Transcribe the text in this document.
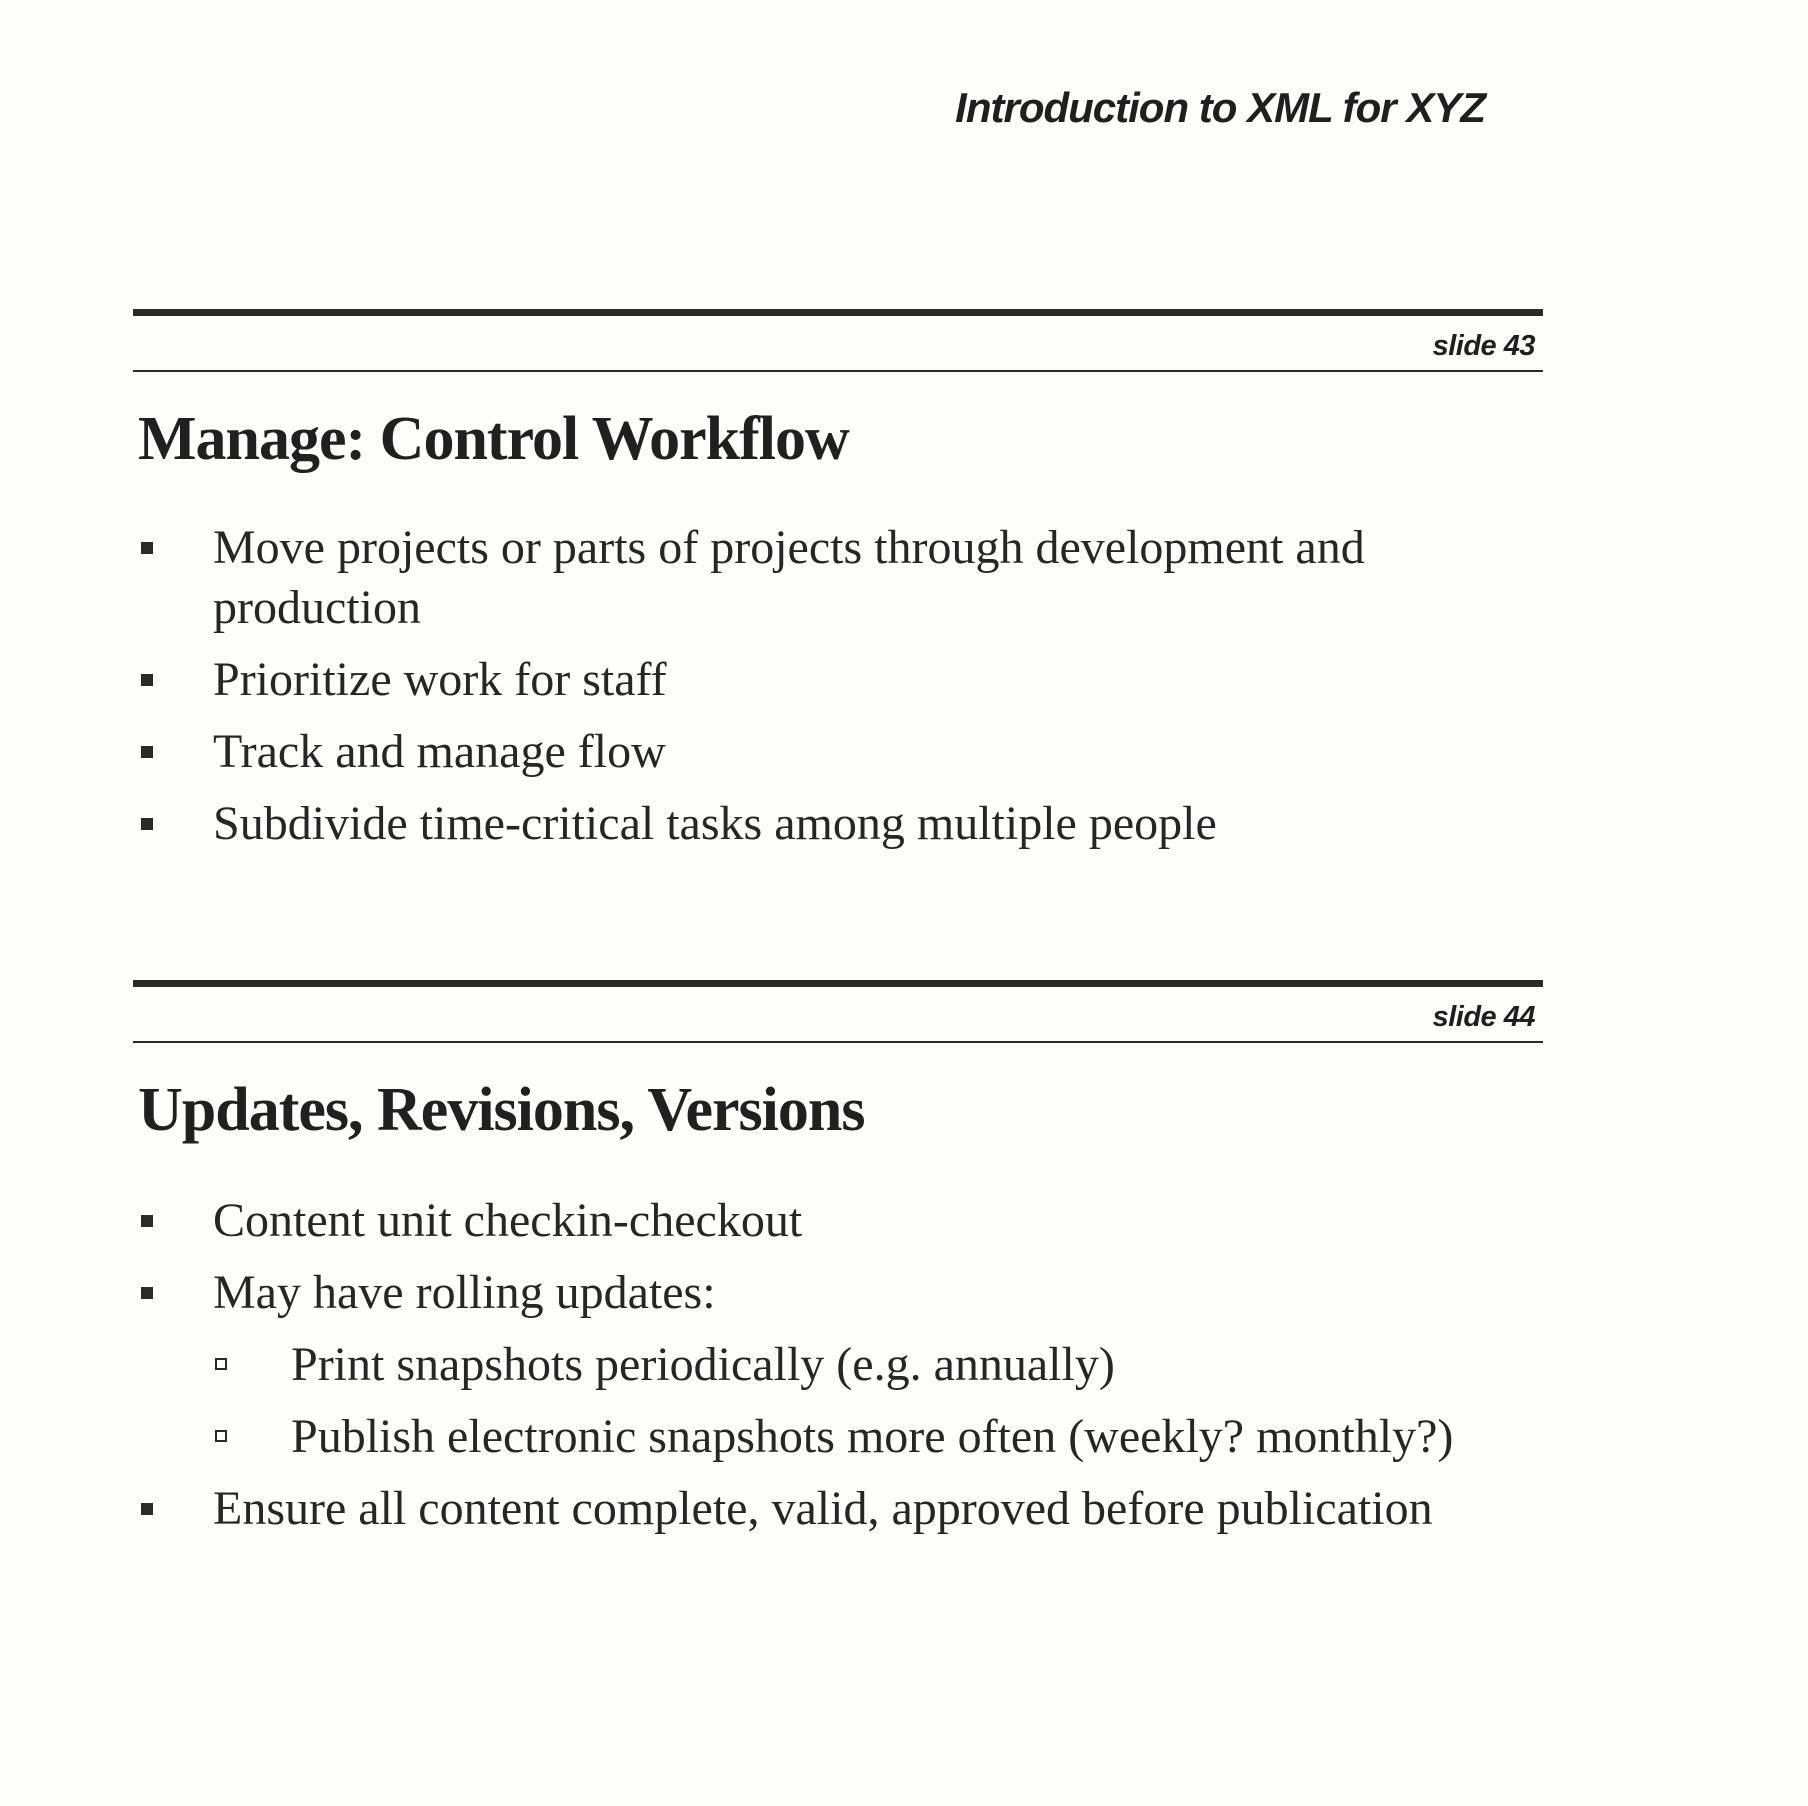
Introduction to XML for XYZ
slide 43
Manage: Control Workflow
Move projects or parts of projects through development and production
Prioritize work for staff
Track and manage flow
Subdivide time-critical tasks among multiple people
slide 44
Updates, Revisions, Versions
Content unit checkin-checkout
May have rolling updates:
Print snapshots periodically (e.g. annually)
Publish electronic snapshots more often (weekly? monthly?)
Ensure all content complete, valid, approved before publication
